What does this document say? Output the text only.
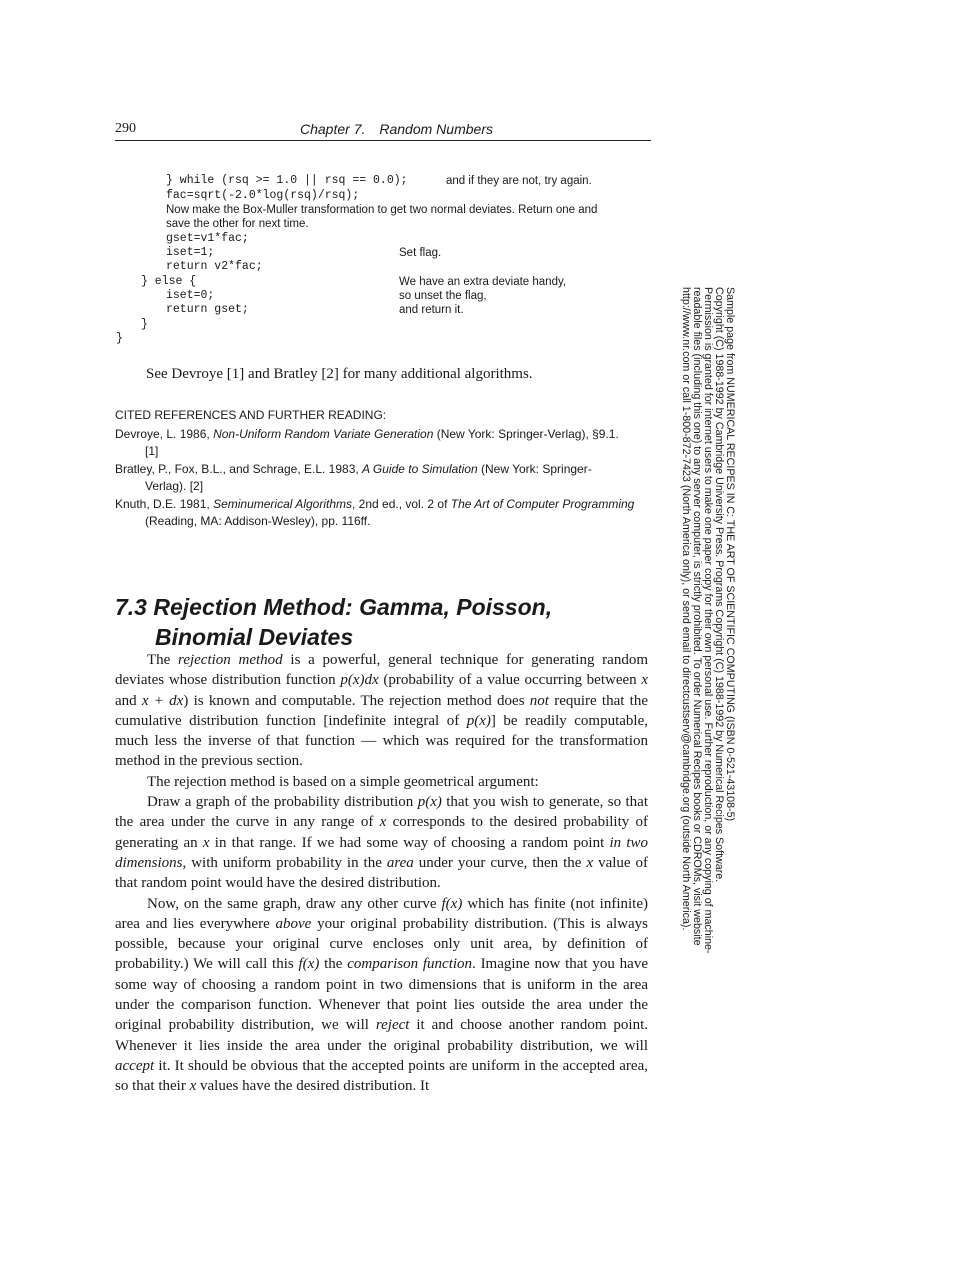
290	Chapter 7. Random Numbers
} while (rsq >= 1.0 || rsq == 0.0);	and if they are not, try again.
fac=sqrt(-2.0*log(rsq)/rsq);
Now make the Box-Muller transformation to get two normal deviates. Return one and
save the other for next time.
gset=v1*fac;
iset=1;	Set flag.
return v2*fac;
} else {	We have an extra deviate handy,
iset=0;	so unset the flag,
return gset;	and return it.
}
}
See Devroye [1] and Bratley [2] for many additional algorithms.
CITED REFERENCES AND FURTHER READING:
Devroye, L. 1986, Non-Uniform Random Variate Generation (New York: Springer-Verlag), §9.1.
[1]
Bratley, P., Fox, B.L., and Schrage, E.L. 1983, A Guide to Simulation (New York: Springer-
Verlag). [2]
Knuth, D.E. 1981, Seminumerical Algorithms, 2nd ed., vol. 2 of The Art of Computer Programming
(Reading, MA: Addison-Wesley), pp. 116ff.
7.3 Rejection Method: Gamma, Poisson,
Binomial Deviates

The rejection method is a powerful, general technique for generating random deviates whose distribution function p(x)dx (probability of a value occurring between x and x + dx) is known and computable. The rejection method does not require that the cumulative distribution function [indefinite integral of p(x)] be readily computable, much less the inverse of that function — which was required for the transformation method in the previous section.

The rejection method is based on a simple geometrical argument:

Draw a graph of the probability distribution p(x) that you wish to generate, so that the area under the curve in any range of x corresponds to the desired probability of generating an x in that range. If we had some way of choosing a random point in two dimensions, with uniform probability in the area under your curve, then the x value of that random point would have the desired distribution.

Now, on the same graph, draw any other curve f(x) which has finite (not infinite) area and lies everywhere above your original probability distribution. (This is always possible, because your original curve encloses only unit area, by definition of probability.) We will call this f(x) the comparison function. Imagine now that you have some way of choosing a random point in two dimensions that is uniform in the area under the comparison function. Whenever that point lies outside the area under the original probability distribution, we will reject it and choose another random point. Whenever it lies inside the area under the original probability distribution, we will accept it. It should be obvious that the accepted points are uniform in the accepted area, so that their x values have the desired distribution. It

Sample page from NUMERICAL RECIPES IN C: THE ART OF SCIENTIFIC COMPUTING (ISBN 0-521-43108-5)
Copyright (C) 1988-1992 by Cambridge University Press. Programs Copyright (C) 1988-1992 by Numerical Recipes Software.
Permission is granted for internet users to make one paper copy for their own personal use. Further reproduction, or any copying of machine-
readable files (including this one) to any server computer, is strictly prohibited. To order Numerical Recipes books or CDROMs, visit website
http://www.nr.com or call 1-800-872-7423 (North America only), or send email to directcustserv@cambridge.org (outside North America).
